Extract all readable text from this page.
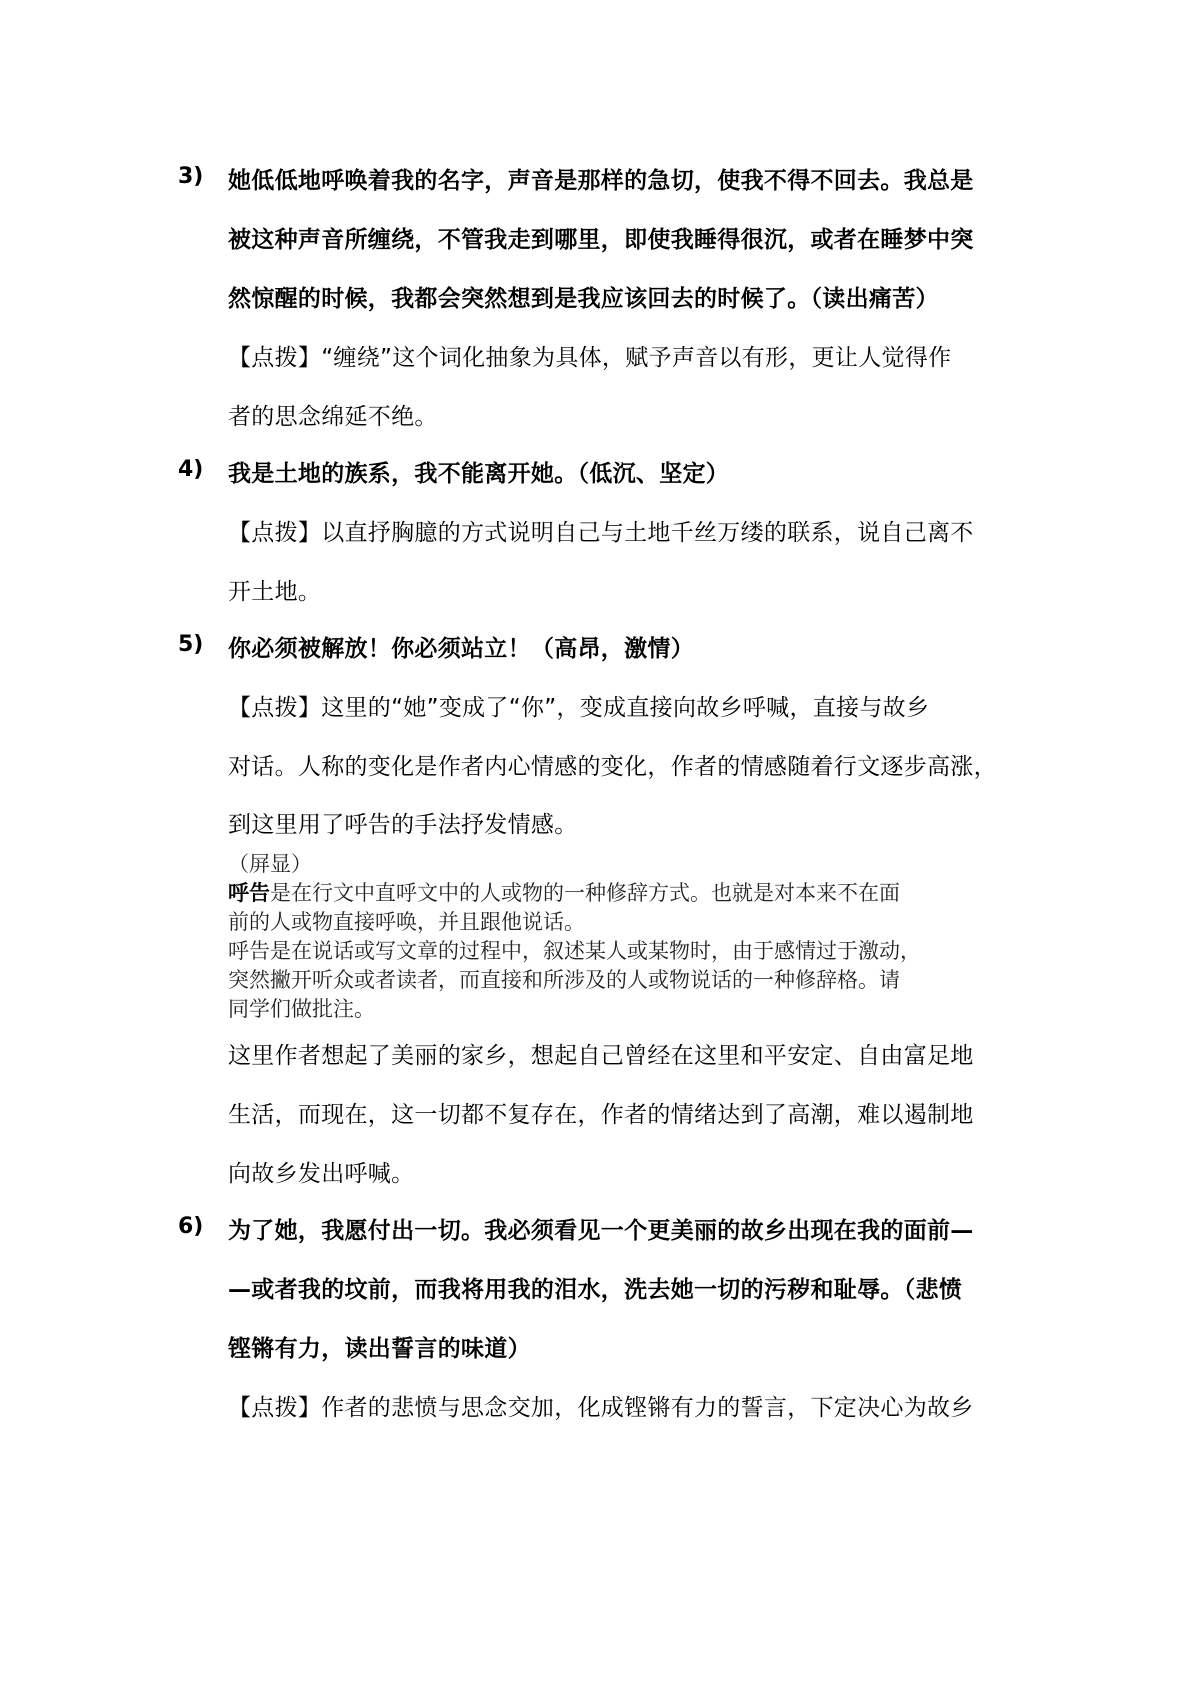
3) 她低低地呼唤着我的名字，声音是那样的急切，使我不得不回去。我总是
被这种声音所缠绕，不管我走到哪里，即使我睡得很沉，或者在睡梦中突
然惊醒的时候，我都会突然想到是我应该回去的时候了。（读出痛苦）
【点拨】“缠绕”这个词化抽象为具体，赋予声音以有形，更让人觉得作
者的思念绵延不绝。
4) 我是土地的族系，我不能离开她。（低沉、坚定）
【点拨】以直抒胸臆的方式说明自己与土地千丝万缕的联系，说自己离不
开土地。
5) 你必须被解放！你必须站立！（高昂，激情）
【点拨】这里的“她”变成了“你”，变成直接向故乡呼喊，直接与故乡
对话。人称的变化是作者内心情感的变化，作者的情感随着行文逐步高涨，
到这里用了呼告的手法抒发情感。
（屏显）
呼告是在行文中直呼文中的人或物的一种修辞方式。也就是对本来不在面
前的人或物直接呼唤，并且跟他说话。
呼告是在说话或写文章的过程中，叙述某人或某物时，由于感情过于激动，
突然撇开听众或者读者，而直接和所涉及的人或物说话的一种修辞格。请
同学们做批注。
这里作者想起了美丽的家乡，想起自己曾经在这里和平安定、自由富足地
生活，而现在，这一切都不复存在，作者的情绪达到了高潮，难以遏制地
向故乡发出呼喊。
6) 为了她，我愿付出一切。我必须看见一个更美丽的故乡出现在我的面前—
—或者我的坟前，而我将用我的泪水，洗去她一切的污秽和耻辱。（悲愤
铿锵有力，读出誓言的味道）
【点拨】作者的悲愤与思念交加，化成铿锵有力的誓言，下定决心为故乡
